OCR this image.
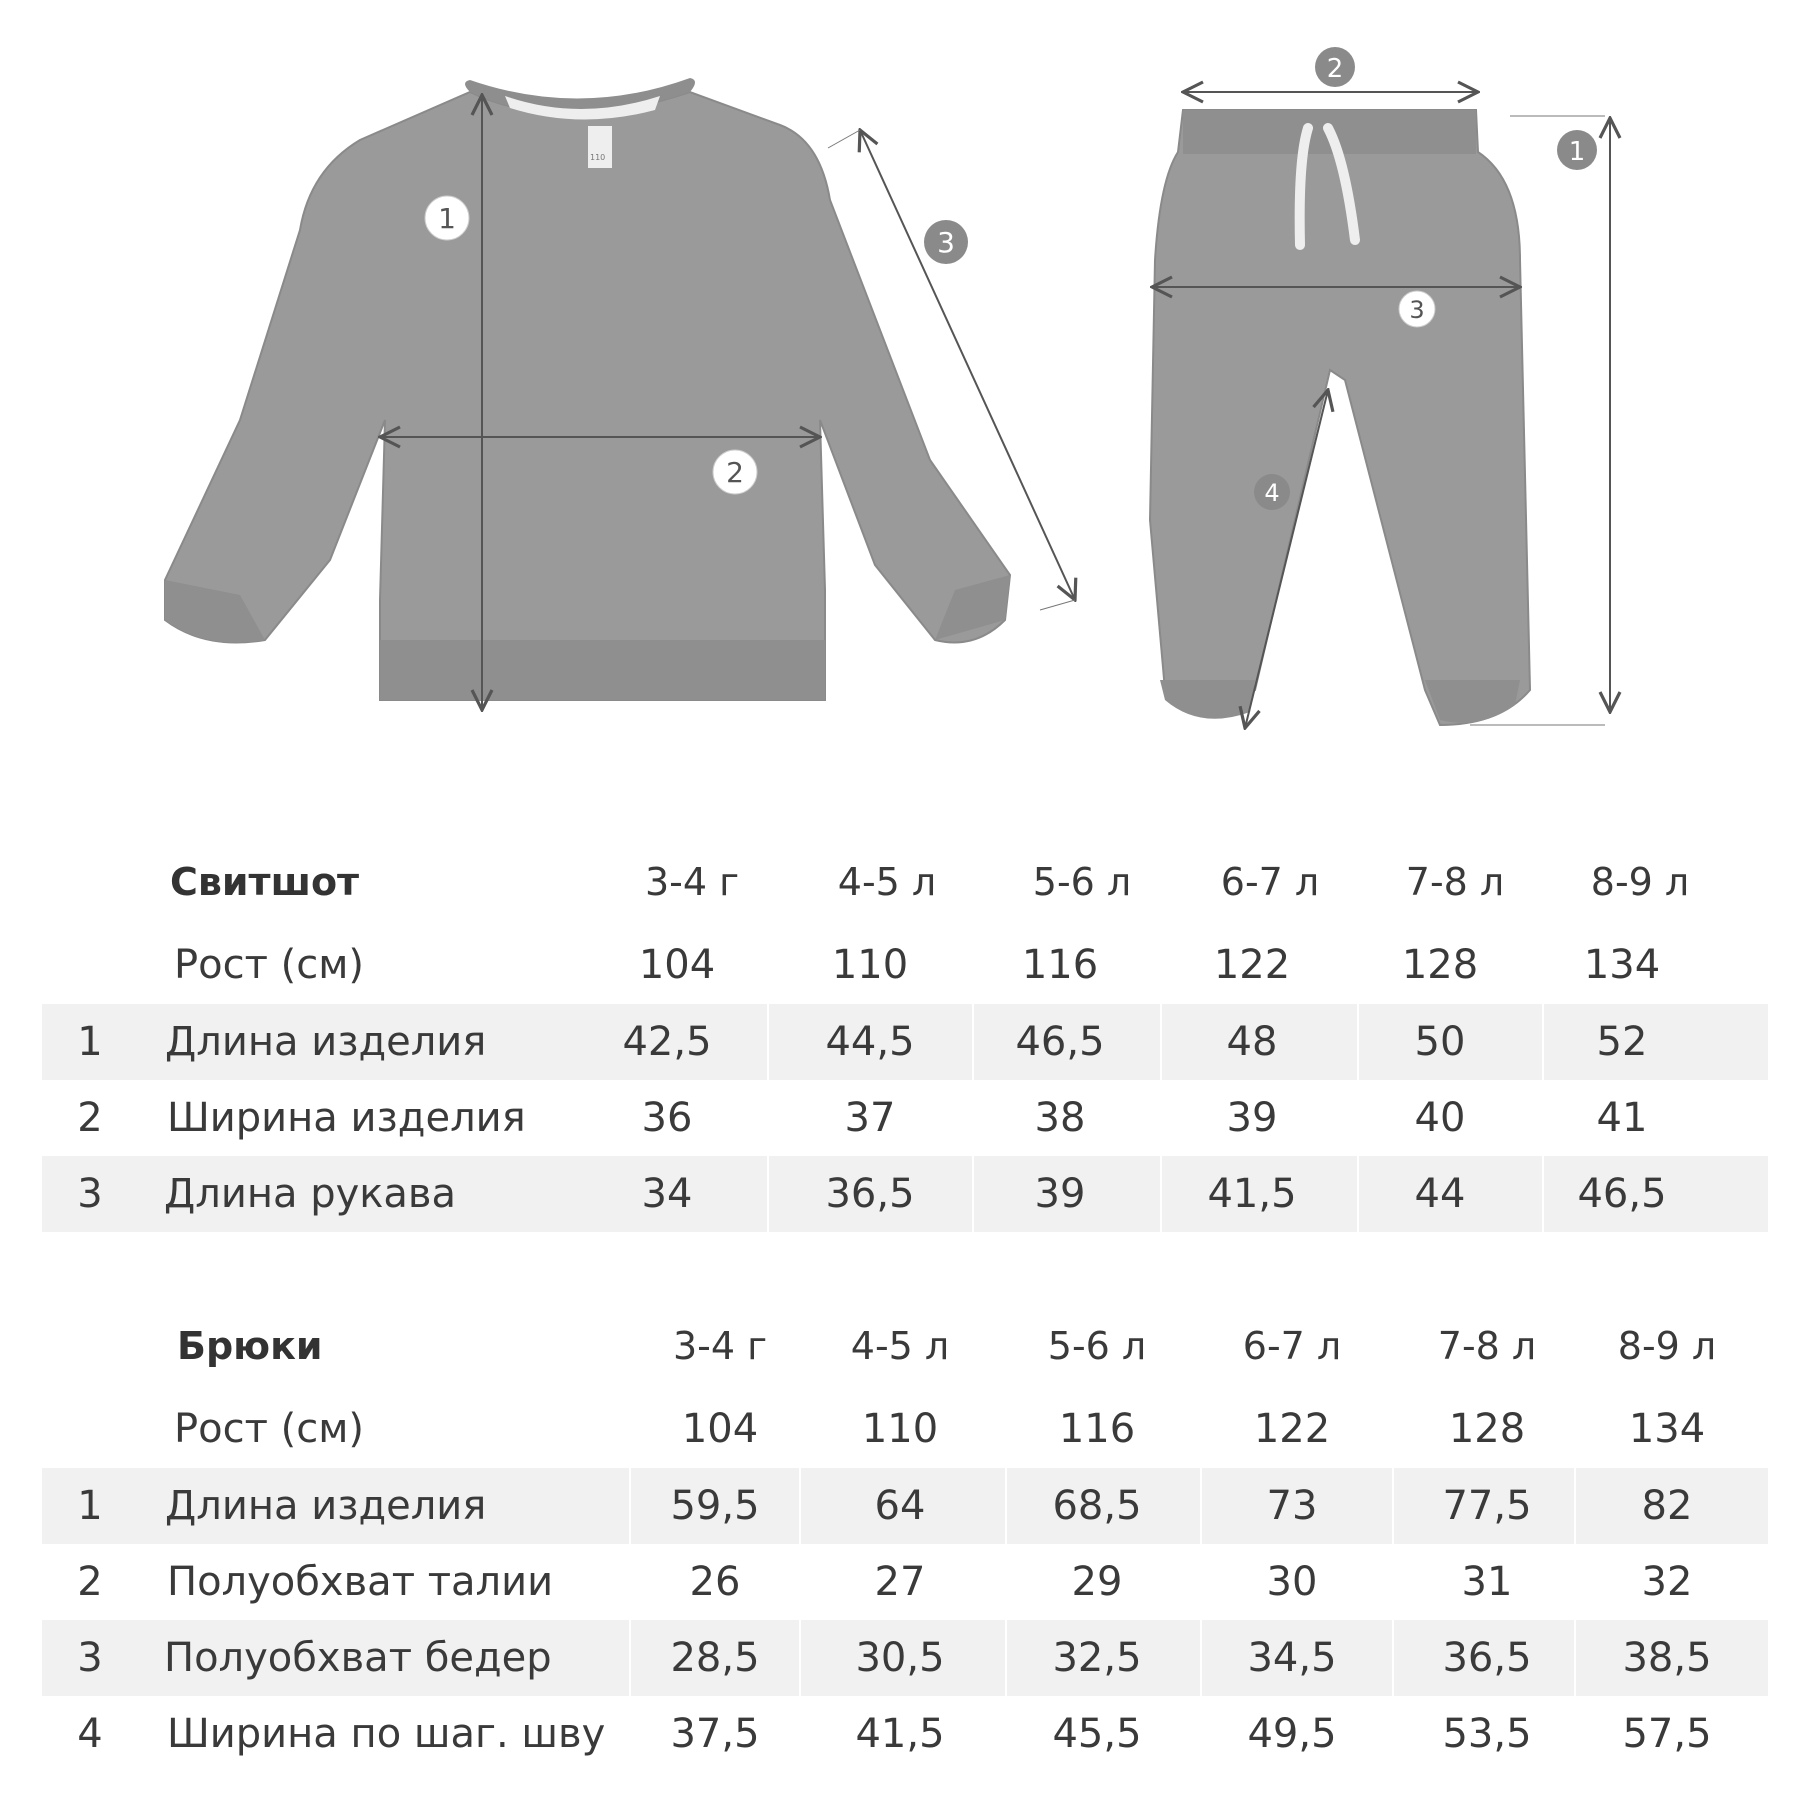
110
1
2
3
2
1
3
4
Свитшот	3-4 г	4-5 л	5-6 л	6-7 л	7-8 л	8-9 л
Рост (см)	104	110	116	122	128	134
1 Длина изделия	42,5	44,5	46,5	48	50	52
2 Ширина изделия	36	37	38	39	40	41
3 Длина рукава	34	36,5	39	41,5	44	46,5
Брюки	3-4 г	4-5 л	5-6 л	6-7 л	7-8 л	8-9 л
Рост (см)	104	110	116	122	128	134
1 Длина изделия	59,5	64	68,5	73	77,5	82
2 Полуобхват талии	26	27	29	30	31	32
3 Полуобхват бедер	28,5	30,5	32,5	34,5	36,5	38,5
4 Ширина по шаг. шву	37,5	41,5	45,5	49,5	53,5	57,5
